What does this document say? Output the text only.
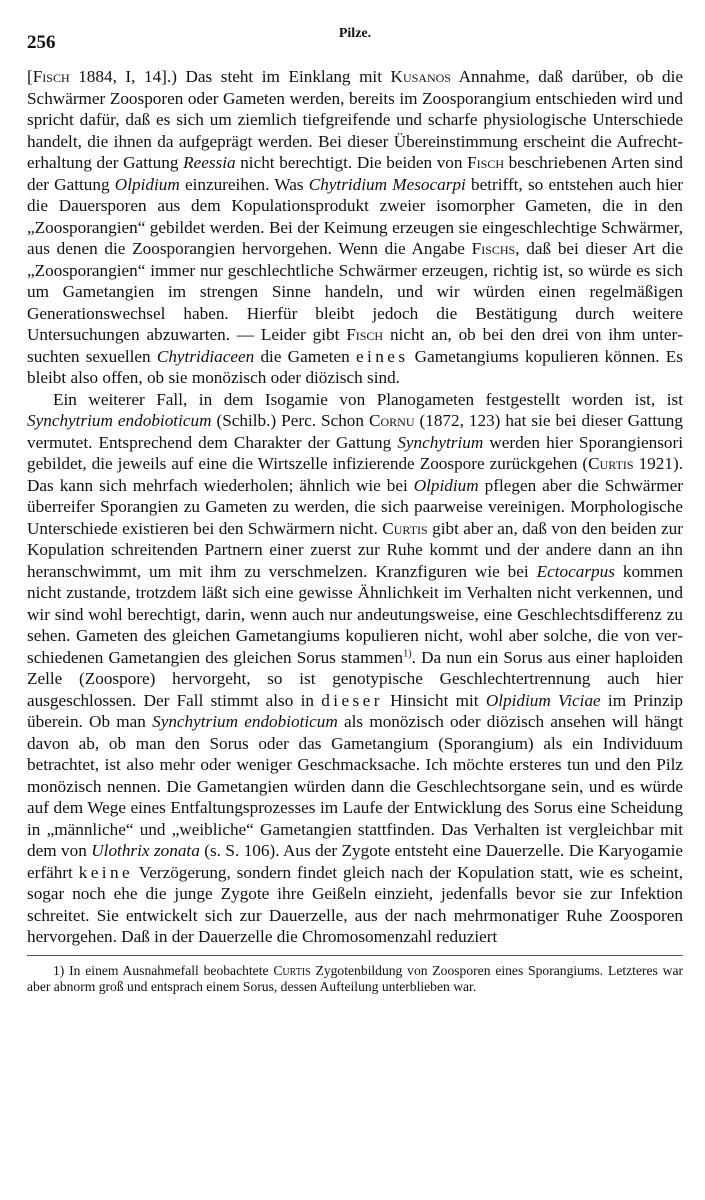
256	Pilze.

[Fisch 1884, I, 14].) Das steht im Einklang mit Kusanos Annahme, daß darüber, ob die Schwärmer Zoosporen oder Gameten werden, bereits im Zoosporangium entschieden wird und spricht dafür, daß es sich um ziemlich tiefgreifende und scharfe physiologische Unterschiede handelt, die ihnen da aufgeprägt werden. Bei dieser Übereinstimmung erscheint die Aufrechterhaltung der Gattung Reessia nicht berechtigt. Die beiden von Fisch beschriebenen Arten sind der Gattung Olpidium einzureihen. Was Chytridium Mesocarpi betrifft, so entstehen auch hier die Dauersporen aus dem Kopulationsprodukt zweier isomorpher Gameten, die in den „Zoosporangien“ gebildet werden. Bei der Keimung erzeugen sie eingeschlechtige Schwärmer, aus denen die Zoosporangien hervorgehen. Wenn die Angabe Fischs, daß bei dieser Art die „Zoosporangien“ immer nur geschlechtliche Schwärmer erzeugen, richtig ist, so würde es sich um Gametangien im strengen Sinne handeln, und wir würden einen regelmäßigen Generationswechsel haben. Hierfür bleibt jedoch die Bestätigung durch weitere Untersuchungen abzuwarten. — Leider gibt Fisch nicht an, ob bei den drei von ihm untersuchten sexuellen Chytridiaceen die Gameten eines Gametangiums kopulieren können. Es bleibt also offen, ob sie monözisch oder diözisch sind.

Ein weiterer Fall, in dem Isogamie von Planogameten festgestellt worden ist, ist Synchytrium endobioticum (Schilb.) Perc. Schon Cornu (1872, 123) hat sie bei dieser Gattung vermutet. Entsprechend dem Charakter der Gattung Synchytrium werden hier Sporangiensori gebildet, die jeweils auf eine die Wirtszelle infizierende Zoospore zurückgehen (Curtis 1921). Das kann sich mehrfach wiederholen; ähnlich wie bei Olpidium pflegen aber die Schwärmer überreifer Sporangien zu Gameten zu werden, die sich paarweise vereinigen. Morphologische Unterschiede existieren bei den Schwärmern nicht. Curtis gibt aber an, daß von den beiden zur Kopulation schreitenden Partnern einer zuerst zur Ruhe kommt und der andere dann an ihn heranschwimmt, um mit ihm zu verschmelzen. Kranzfiguren wie bei Ectocarpus kommen nicht zustande, trotzdem läßt sich eine gewisse Ähnlichkeit im Verhalten nicht verkennen, und wir sind wohl berechtigt, darin, wenn auch nur andeutungsweise, eine Geschlechtsdifferenz zu sehen. Gameten des gleichen Gametangiums kopulieren nicht, wohl aber solche, die von verschiedenen Gametangien des gleichen Sorus stammen$^{1)}$. Da nun ein Sorus aus einer haploiden Zelle (Zoospore) hervorgeht, so ist genotypische Geschlechtertrennung auch hier ausgeschlossen. Der Fall stimmt also in dieser Hinsicht mit Olpidium Viciae im Prinzip überein. Ob man Synchytrium endobioticum als monözisch oder diözisch ansehen will hängt davon ab, ob man den Sorus oder das Gametangium (Sporangium) als ein Individuum betrachtet, ist also mehr oder weniger Geschmacksache. Ich möchte ersteres tun und den Pilz monözisch nennen. Die Gametangien würden dann die Geschlechtsorgane sein, und es würde auf dem Wege eines Entfaltungsprozesses im Laufe der Entwicklung des Sorus eine Scheidung in „männliche“ und „weibliche“ Gametangien stattfinden. Das Verhalten ist vergleichbar mit dem von Ulothrix zonata (s. S. 106). Aus der Zygote entsteht eine Dauerzelle. Die Karyogamie erfährt keine Verzögerung, sondern findet gleich nach der Kopulation statt, wie es scheint, sogar noch ehe die junge Zygote ihre Geißeln einzieht, jedenfalls bevor sie zur Infektion schreitet. Sie entwickelt sich zur Dauerzelle, aus der nach mehrmonatiger Ruhe Zoosporen hervorgehen. Daß in der Dauerzelle die Chromosomenzahl reduziert

1) In einem Ausnahmefall beobachtete Curtis Zygotenbildung von Zoosporen eines Sporangiums. Letzteres war aber abnorm groß und entsprach einem Sorus, dessen Aufteilung unterblieben war.
